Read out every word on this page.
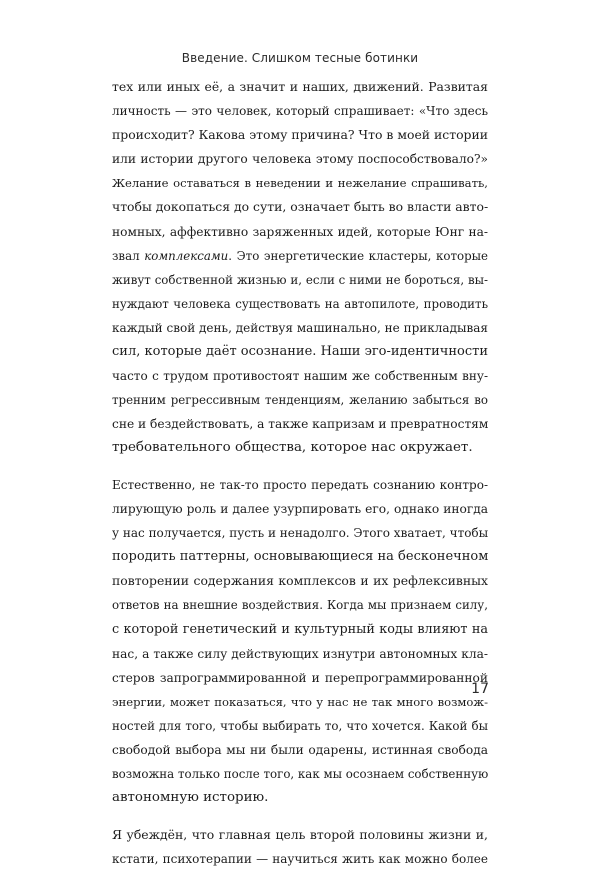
Введение. Слишком тесные ботинки
тех или иных её, а значит и наших, движений. Развитая
личность — это человек, который спрашивает: «Что здесь
происходит? Какова этому причина? Что в моей истории
или истории другого человека этому поспособствовало?»
Желание оставаться в неведении и нежелание спрашивать,
чтобы докопаться до сути, означает быть во власти авто-
номных, аффективно заряженных идей, которые Юнг на-
звал комплексами. Это энергетические кластеры, которые
живут собственной жизнью и, если с ними не бороться, вы-
нуждают человека существовать на автопилоте, проводить
каждый свой день, действуя машинально, не прикладывая
сил, которые даёт осознание. Наши эго-идентичности
часто с трудом противостоят нашим же собственным вну-
тренним регрессивным тенденциям, желанию забыться во
сне и бездействовать, а также капризам и превратностям
требовательного общества, которое нас окружает.
Естественно, не так-то просто передать сознанию контро-
лирующую роль и далее узурпировать его, однако иногда
у нас получается, пусть и ненадолго. Этого хватает, чтобы
породить паттерны, основывающиеся на бесконечном
повторении содержания комплексов и их рефлексивных
ответов на внешние воздействия. Когда мы признаем силу,
с которой генетический и культурный коды влияют на
нас, а также силу действующих изнутри автономных кла-
стеров запрограммированной и перепрограммированной
энергии, может показаться, что у нас не так много возмож-
ностей для того, чтобы выбирать то, что хочется. Какой бы
свободой выбора мы ни были одарены, истинная свобода
возможна только после того, как мы осознаем собственную
автономную историю.
Я убеждён, что главная цель второй половины жизни и,
кстати, психотерапии — научиться жить как можно более
17
